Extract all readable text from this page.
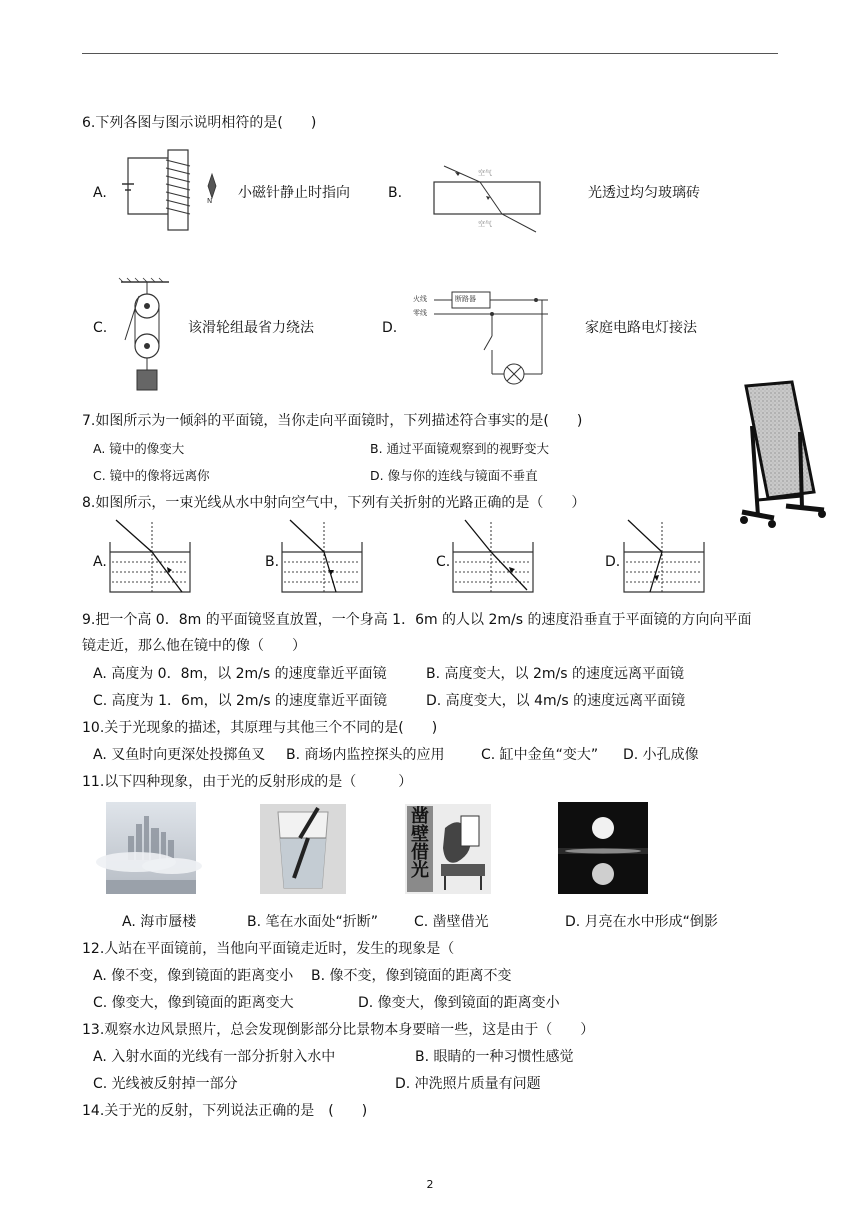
6.下列各图与图示说明相符的是(　　)
A.	N 小磁针静止时指向	B.
空气
空气
光透过均匀玻璃砖
C.	该滑轮组最省力绕法	D.
火线
零线
断路器
家庭电路电灯接法
7.如图所示为一倾斜的平面镜，当你走向平面镜时，下列描述符合事实的是(　　)
A. 镜中的像变大	B. 通过平面镜观察到的视野变大
C. 镜中的像将远离你	D. 像与你的连线与镜面不垂直
8.如图所示，一束光线从水中射向空气中，下列有关折射的光路正确的是（　　）
A.	B.	C.	D.
9.把一个高 0．8m 的平面镜竖直放置，一个身高 1．6m 的人以 2m/s 的速度沿垂直于平面镜的方向向平面
镜走近，那么他在镜中的像（　　）
A. 高度为 0．8m，以 2m/s 的速度靠近平面镜	B. 高度变大，以 2m/s 的速度远离平面镜
C. 高度为 1．6m，以 2m/s 的速度靠近平面镜	D. 高度变大，以 4m/s 的速度远离平面镜
10.关于光现象的描述，其原理与其他三个不同的是(　　)
A. 叉鱼时向更深处投掷鱼叉 B. 商场内监控探头的应用	C. 缸中金鱼“变大” D. 小孔成像
11.以下四种现象，由于光的反射形成的是（　　　）
凿壁借光
A. 海市蜃楼	B. 笔在水面处“折断”	C. 凿壁借光	D. 月亮在水中形成“倒影
12.人站在平面镜前，当他向平面镜走近时，发生的现象是（
A. 像不变，像到镜面的距离变小 B. 像不变，像到镜面的距离不变
C. 像变大，像到镜面的距离变大	D. 像变大，像到镜面的距离变小
13.观察水边风景照片，总会发现倒影部分比景物本身要暗一些，这是由于（　　）
A. 入射水面的光线有一部分折射入水中	B. 眼睛的一种习惯性感觉
C. 光线被反射掉一部分	D. 冲洗照片质量有问题
14.关于光的反射，下列说法正确的是　(　　)
2
